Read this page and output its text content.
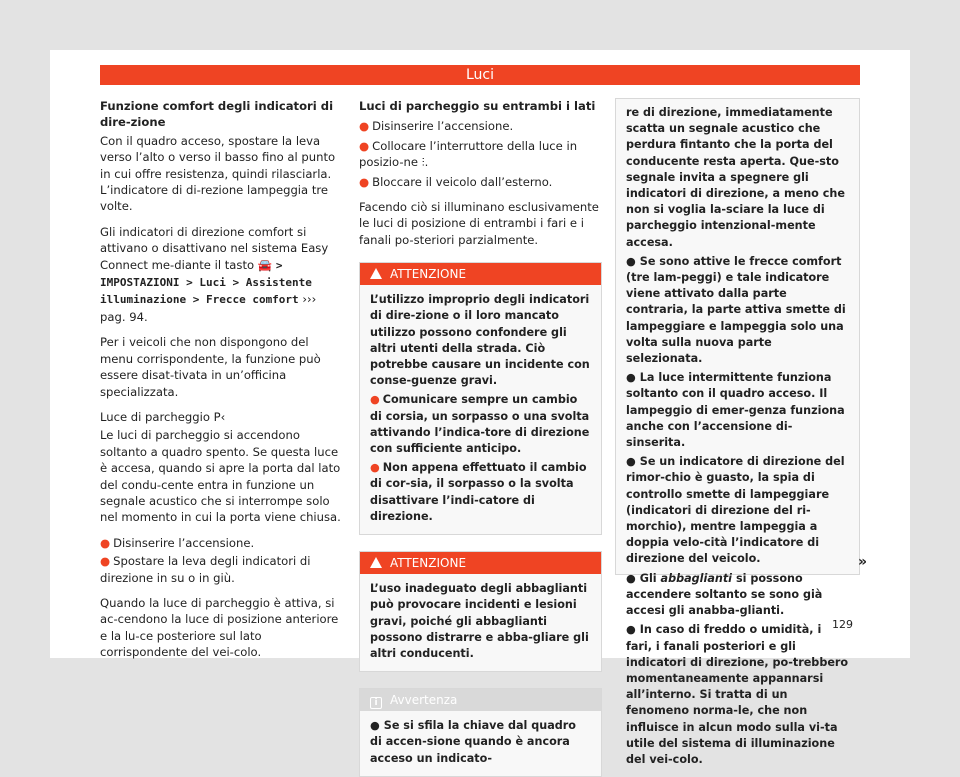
Luci

Funzione comfort degli indicatori di dire-zione

Con il quadro acceso, spostare la leva verso l’alto o verso il basso fino al punto in cui offre resistenza, quindi rilasciarla. L’indicatore di di-rezione lampeggia tre volte.

Gli indicatori di direzione comfort si attivano o disattivano nel sistema Easy Connect me-diante il tasto 🚘 > IMPOSTAZIONI > Luci > Assistente illuminazione > Frecce comfort ››› pag. 94.

Per i veicoli che non dispongono del menu corrispondente, la funzione può essere disat-tivata in un’officina specializzata.

Luce di parcheggio P‹

Le luci di parcheggio si accendono soltanto a quadro spento. Se questa luce è accesa, quando si apre la porta dal lato del condu-cente entra in funzione un segnale acustico che si interrompe solo nel momento in cui la porta viene chiusa.

● Disinserire l’accensione.

● Spostare la leva degli indicatori di direzione in su o in giù.

Quando la luce di parcheggio è attiva, si ac-cendono la luce di posizione anteriore e la lu-ce posteriore sul lato corrispondente del vei-colo.

Luci di parcheggio su entrambi i lati

● Disinserire l’accensione.

● Collocare l’interruttore della luce in posizio-ne ⫶.

● Bloccare il veicolo dall’esterno.

Facendo ciò si illuminano esclusivamente le luci di posizione di entrambi i fari e i fanali po-steriori parzialmente.

ATTENZIONE

L’utilizzo improprio degli indicatori di dire-zione o il loro mancato utilizzo possono confondere gli altri utenti della strada. Ciò potrebbe causare un incidente con conse-guenze gravi.

● Comunicare sempre un cambio di corsia, un sorpasso o una svolta attivando l’indica-tore di direzione con sufficiente anticipo.

● Non appena effettuato il cambio di cor-sia, il sorpasso o la svolta disattivare l’indi-catore di direzione.

ATTENZIONE

L’uso inadeguato degli abbaglianti può provocare incidenti e lesioni gravi, poiché gli abbaglianti possono distrarre e abba-gliare gli altri conducenti.

i Avvertenza

● Se si sfila la chiave dal quadro di accen-sione quando è ancora acceso un indicato-

re di direzione, immediatamente scatta un segnale acustico che perdura fintanto che la porta del conducente resta aperta. Que-sto segnale invita a spegnere gli indicatori di direzione, a meno che non si voglia la-sciare la luce di parcheggio intenzional-mente accesa.

● Se sono attive le frecce comfort (tre lam-peggi) e tale indicatore viene attivato dalla parte contraria, la parte attiva smette di lampeggiare e lampeggia solo una volta sulla nuova parte selezionata.

● La luce intermittente funziona soltanto con il quadro acceso. Il lampeggio di emer-genza funziona anche con l’accensione di-sinserita.

● Se un indicatore di direzione del rimor-chio è guasto, la spia di controllo smette di lampeggiare (indicatori di direzione del ri-morchio), mentre lampeggia a doppia velo-cità l’indicatore di direzione del veicolo.

● Gli abbaglianti si possono accendere soltanto se sono già accesi gli anabba-glianti.

● In caso di freddo o umidità, i fari, i fanali posteriori e gli indicatori di direzione, po-trebbero momentaneamente appannarsi all’interno. Si tratta di un fenomeno norma-le, che non influisce in alcun modo sulla vi-ta utile del sistema di illuminazione del vei-colo.

»
129
